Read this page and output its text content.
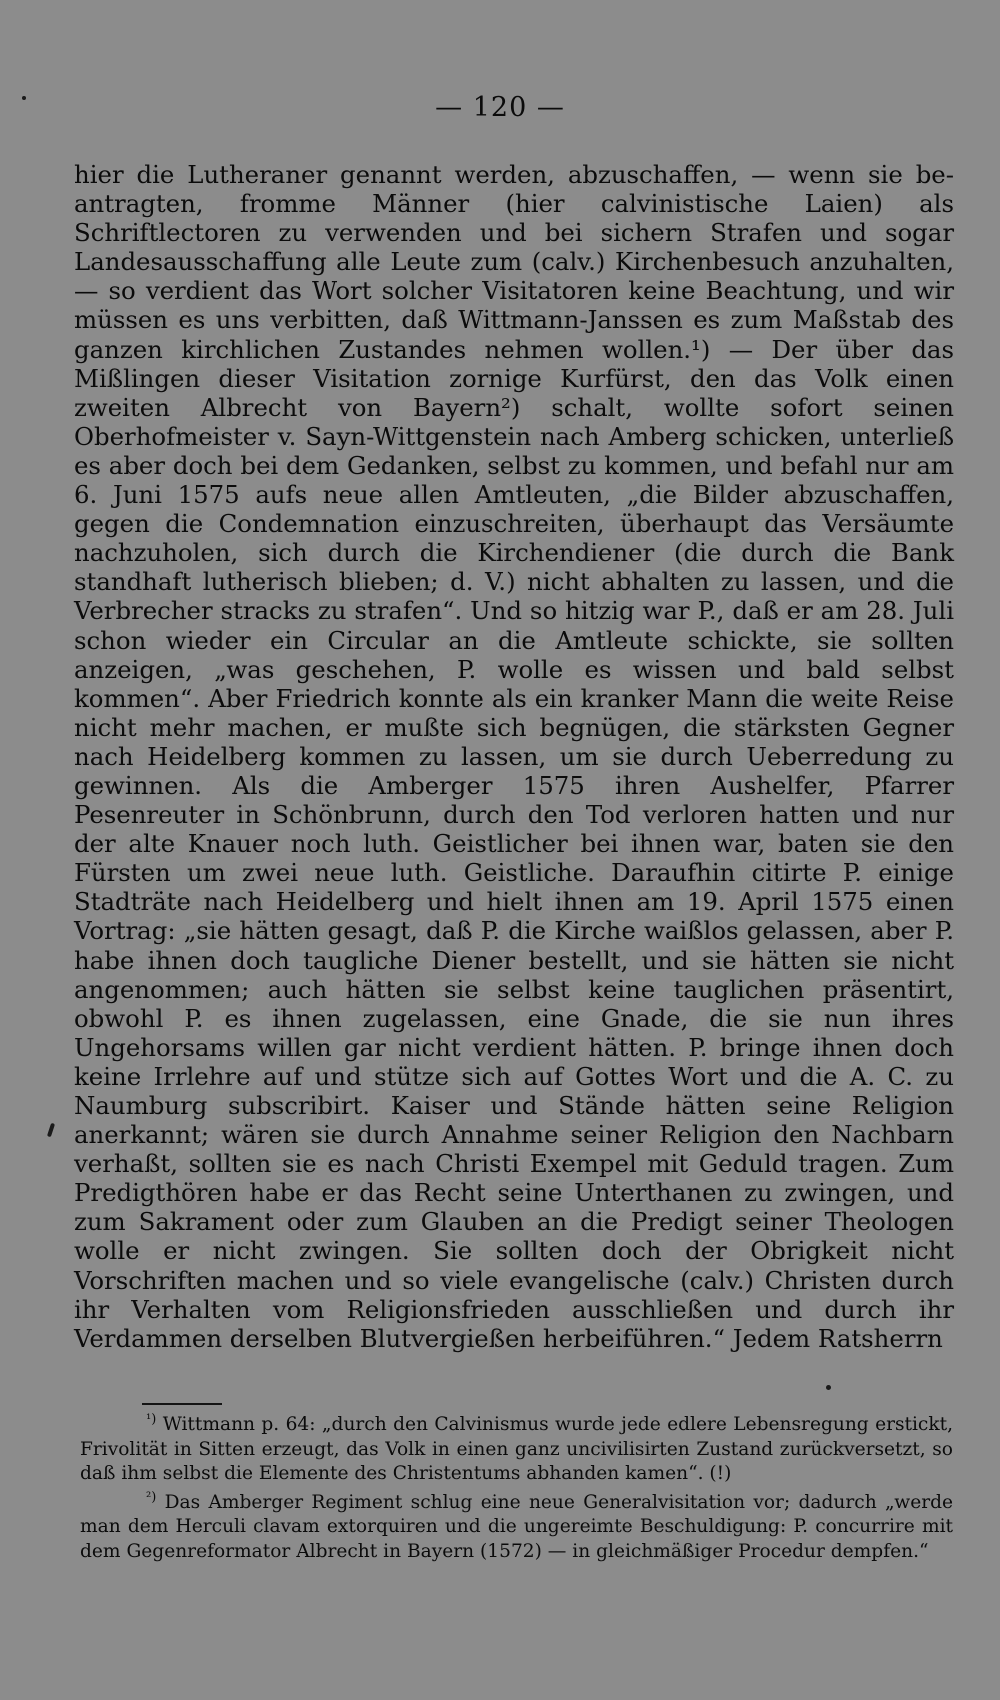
— 120 —

hier die Lutheraner genannt werden, abzuschaffen, — wenn sie beantragten, fromme Männer (hier calvinistische Laien) als Schriftlectoren zu verwenden und bei sichern Strafen und sogar Landesausschaffung alle Leute zum (calv.) Kirchenbesuch anzuhalten, — so verdient das Wort solcher Visitatoren keine Beachtung, und wir müssen es uns verbitten, daß Wittmann-Janssen es zum Maßstab des ganzen kirchlichen Zustandes nehmen wollen.¹) — Der über das Mißlingen dieser Visitation zornige Kurfürst, den das Volk einen zweiten Albrecht von Bayern²) schalt, wollte sofort seinen Oberhofmeister v. Sayn-Wittgenstein nach Amberg schicken, unterließ es aber doch bei dem Gedanken, selbst zu kommen, und befahl nur am 6. Juni 1575 aufs neue allen Amtleuten, „die Bilder abzuschaffen, gegen die Condemnation einzuschreiten, überhaupt das Versäumte nachzuholen, sich durch die Kirchendiener (die durch die Bank standhaft lutherisch blieben; d. V.) nicht abhalten zu lassen, und die Verbrecher stracks zu strafen“. Und so hitzig war P., daß er am 28. Juli schon wieder ein Circular an die Amtleute schickte, sie sollten anzeigen, „was geschehen, P. wolle es wissen und bald selbst kommen“. Aber Friedrich konnte als ein kranker Mann die weite Reise nicht mehr machen, er mußte sich begnügen, die stärksten Gegner nach Heidelberg kommen zu lassen, um sie durch Ueberredung zu gewinnen. Als die Amberger 1575 ihren Aushelfer, Pfarrer Pesenreuter in Schönbrunn, durch den Tod verloren hatten und nur der alte Knauer noch luth. Geistlicher bei ihnen war, baten sie den Fürsten um zwei neue luth. Geistliche. Daraufhin citirte P. einige Stadträte nach Heidelberg und hielt ihnen am 19. April 1575 einen Vortrag: „sie hätten gesagt, daß P. die Kirche waißlos gelassen, aber P. habe ihnen doch taugliche Diener bestellt, und sie hätten sie nicht angenommen; auch hätten sie selbst keine tauglichen präsentirt, obwohl P. es ihnen zugelassen, eine Gnade, die sie nun ihres Ungehorsams willen gar nicht verdient hätten. P. bringe ihnen doch keine Irrlehre auf und stütze sich auf Gottes Wort und die A. C. zu Naumburg subscribirt. Kaiser und Stände hätten seine Religion anerkannt; wären sie durch Annahme seiner Religion den Nachbarn verhaßt, sollten sie es nach Christi Exempel mit Geduld tragen. Zum Predigthören habe er das Recht seine Unterthanen zu zwingen, und zum Sakrament oder zum Glauben an die Predigt seiner Theologen wolle er nicht zwingen. Sie sollten doch der Obrigkeit nicht Vorschriften machen und so viele evangelische (calv.) Christen durch ihr Verhalten vom Religionsfrieden ausschließen und durch ihr Verdammen derselben Blutvergießen herbeiführen.“ Jedem Ratsherrn

$^{^1)}$ Wittmann p. 64: „durch den Calvinismus wurde jede edlere Lebensregung erstickt, Frivolität in Sitten erzeugt, das Volk in einen ganz uncivilisirten Zustand zurückversetzt, so daß ihm selbst die Elemente des Christentums abhanden kamen“. (!)

$^{^2)}$ Das Amberger Regiment schlug eine neue Generalvisitation vor; dadurch „werde man dem Herculi clavam extorquiren und die ungereimte Beschuldigung: P. concurrire mit dem Gegenreformator Albrecht in Bayern (1572) — in gleichmäßiger Procedur dempfen.“
